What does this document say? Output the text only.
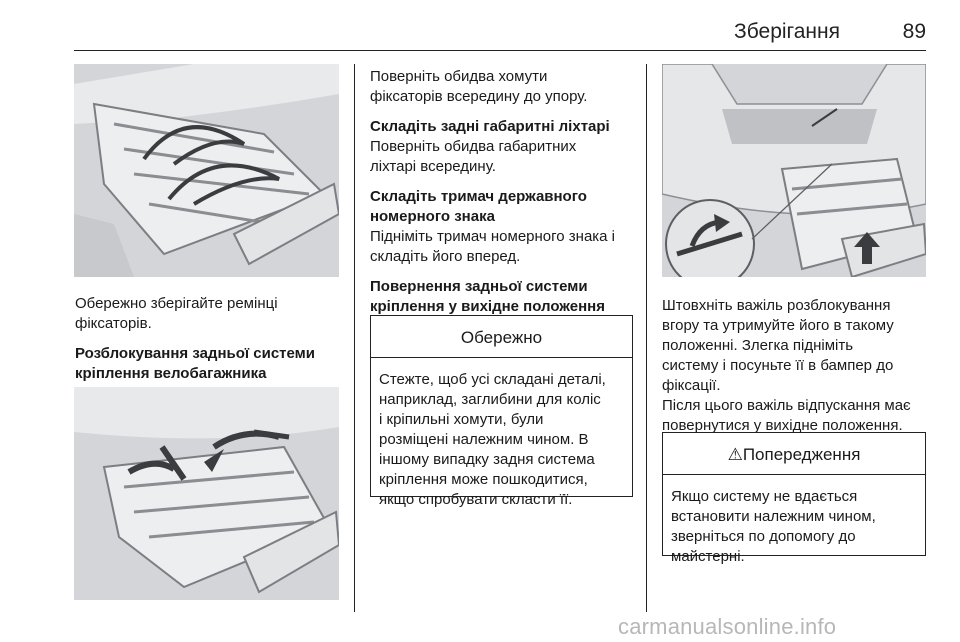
Зберігання	89

Обережно зберігайте ремінці

фіксаторів.

Розблокування задньої системи

кріплення велобагажника

Поверніть обидва хомути

фіксаторів всередину до упору.

Складіть задні габаритні ліхтарі

Поверніть обидва габаритних

ліхтарі всередину.

Складіть тримач державного

номерного знака

Підніміть тримач номерного знака і

складіть його вперед.

Повернення задньої системи

кріплення у вихідне положення

Обережно
Стежте, щоб усі складані деталі,
наприклад, заглибини для коліс
і кріпильні хомути, були
розміщені належним чином. В
іншому випадку задня система
кріплення може пошкодитися,
якщо спробувати скласти її.

Штовхніть важіль розблокування

вгору та утримуйте його в такому

положенні. Злегка підніміть

систему і посуньте її в бампер до

фіксації.

Після цього важіль відпускання має

повернутися у вихідне положення.

⚠Попередження
Якщо систему не вдається
встановити належним чином,
зверніться по допомогу до
майстерні.
carmanualsonline.info
